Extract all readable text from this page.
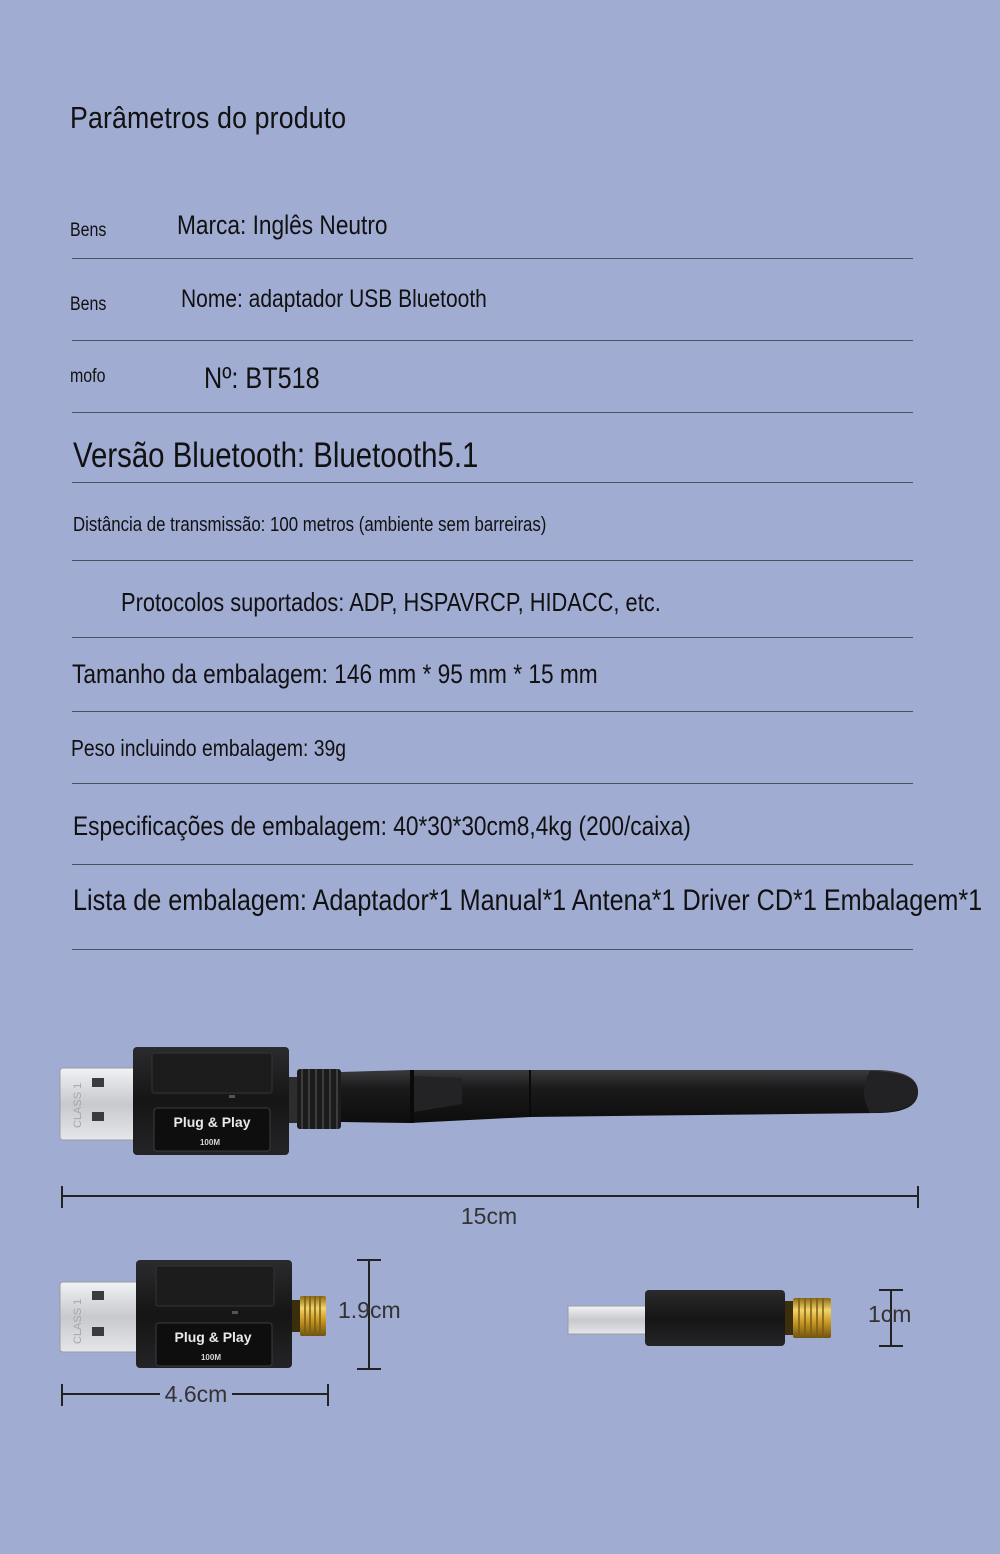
Parâmetros do produto
Bens	Marca: Inglês Neutro
Bens	Nome: adaptador USB Bluetooth
mofo	Nº: BT518
Versão Bluetooth: Bluetooth5.1
Distância de transmissão: 100 metros (ambiente sem barreiras)
Protocolos suportados: ADP, HSPAVRCP, HIDACC, etc.
Tamanho da embalagem: 146 mm * 95 mm * 15 mm
Peso incluindo embalagem: 39g
Especificações de embalagem: 40*30*30cm8,4kg (200/caixa)
Lista de embalagem: Adaptador*1 Manual*1 Antena*1 Driver CD*1 Embalagem*1
CLASS 1	Plug & Play
100M
15cm
CLASS 1	Plug & Play
100M
1.9cm
4.6cm
1cm
